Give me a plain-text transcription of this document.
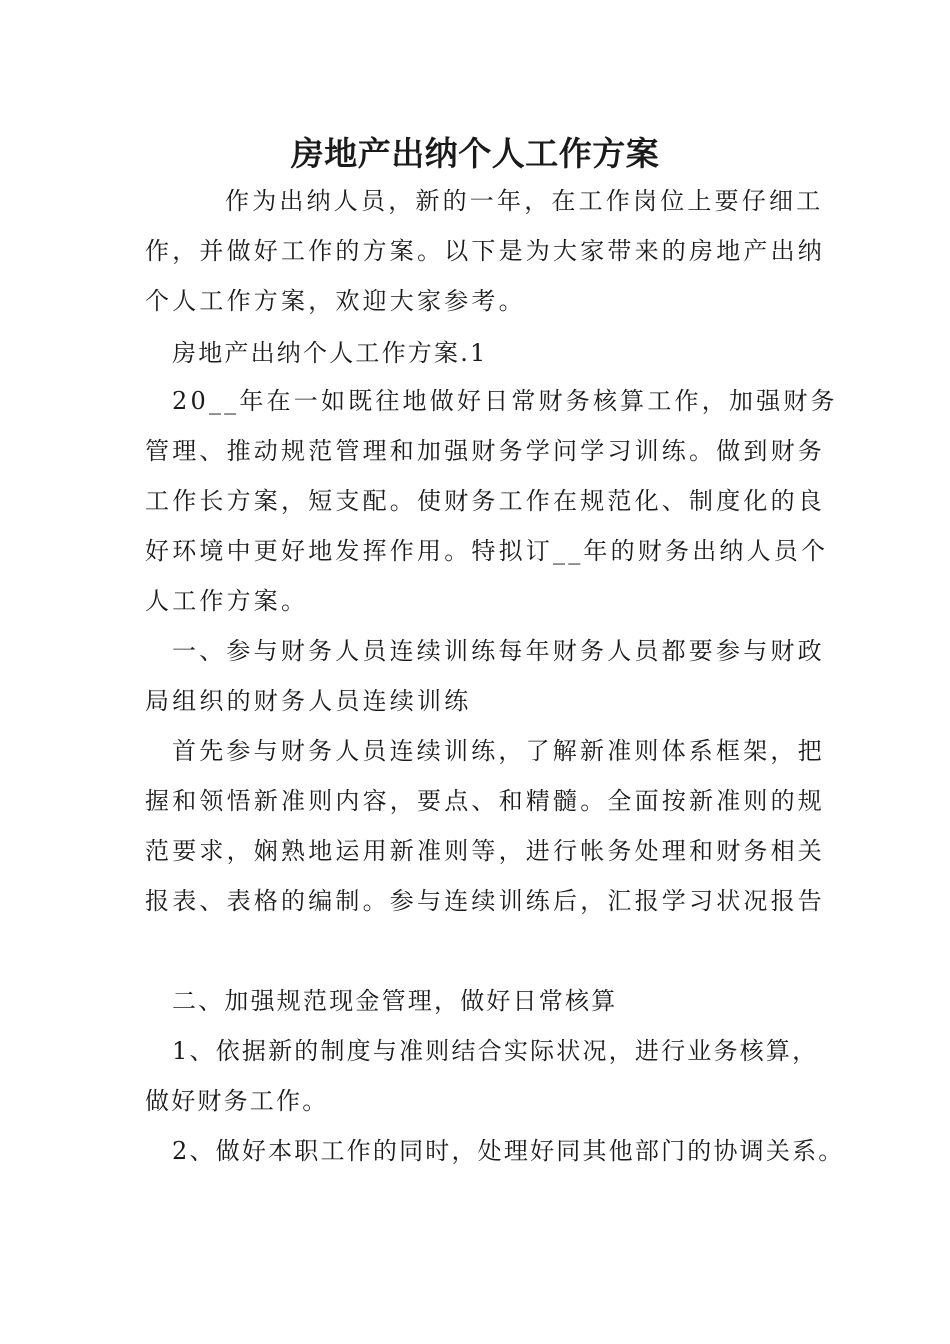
房地产出纳个人工作方案

作为出纳人员，新的一年，在工作岗位上要仔细工

作，并做好工作的方案。以下是为大家带来的房地产出纳

个人工作方案，欢迎大家参考。

房地产出纳个人工作方案.1

20__年在一如既往地做好日常财务核算工作，加强财务

管理、推动规范管理和加强财务学问学习训练。做到财务

工作长方案，短支配。使财务工作在规范化、制度化的良

好环境中更好地发挥作用。特拟订__年的财务出纳人员个

人工作方案。

一、参与财务人员连续训练每年财务人员都要参与财政

局组织的财务人员连续训练

首先参与财务人员连续训练，了解新准则体系框架，把

握和领悟新准则内容，要点、和精髓。全面按新准则的规

范要求，娴熟地运用新准则等，进行帐务处理和财务相关

报表、表格的编制。参与连续训练后，汇报学习状况报告

二、加强规范现金管理，做好日常核算

1、依据新的制度与准则结合实际状况，进行业务核算，

做好财务工作。

2、做好本职工作的同时，处理好同其他部门的协调关系。
